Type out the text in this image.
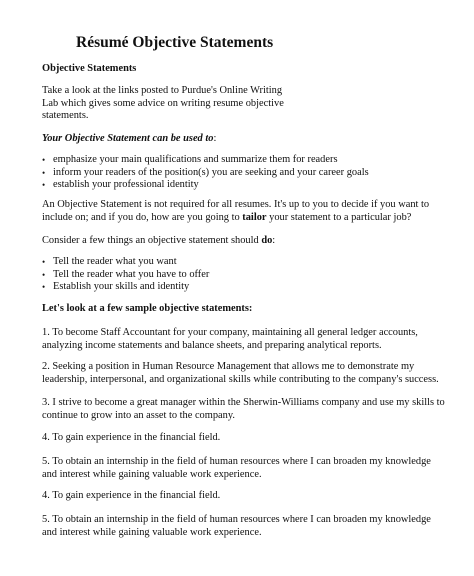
Résumé Objective Statements
Objective Statements
Take a look at the links posted to Purdue's Online Writing
Lab which gives some advice on writing resume objective
statements.
Your Objective Statement can be used to:
• emphasize your main qualifications and summarize them for readers
• inform your readers of the position(s) you are seeking and your career goals
• establish your professional identity
An Objective Statement is not required for all resumes. It's up to you to decide if you want to
include on; and if you do, how are you going to tailor your statement to a particular job?
Consider a few things an objective statement should do:
• Tell the reader what you want
• Tell the reader what you have to offer
• Establish your skills and identity
Let's look at a few sample objective statements:
1. To become Staff Accountant for your company, maintaining all general ledger accounts,
analyzing income statements and balance sheets, and preparing analytical reports.
2. Seeking a position in Human Resource Management that allows me to demonstrate my
leadership, interpersonal, and organizational skills while contributing to the company's success.
3. I strive to become a great manager within the Sherwin-Williams company and use my skills to
continue to grow into an asset to the company.
4. To gain experience in the financial field.
5. To obtain an internship in the field of human resources where I can broaden my knowledge
and interest while gaining valuable work experience.
4. To gain experience in the financial field.
5. To obtain an internship in the field of human resources where I can broaden my knowledge
and interest while gaining valuable work experience.
